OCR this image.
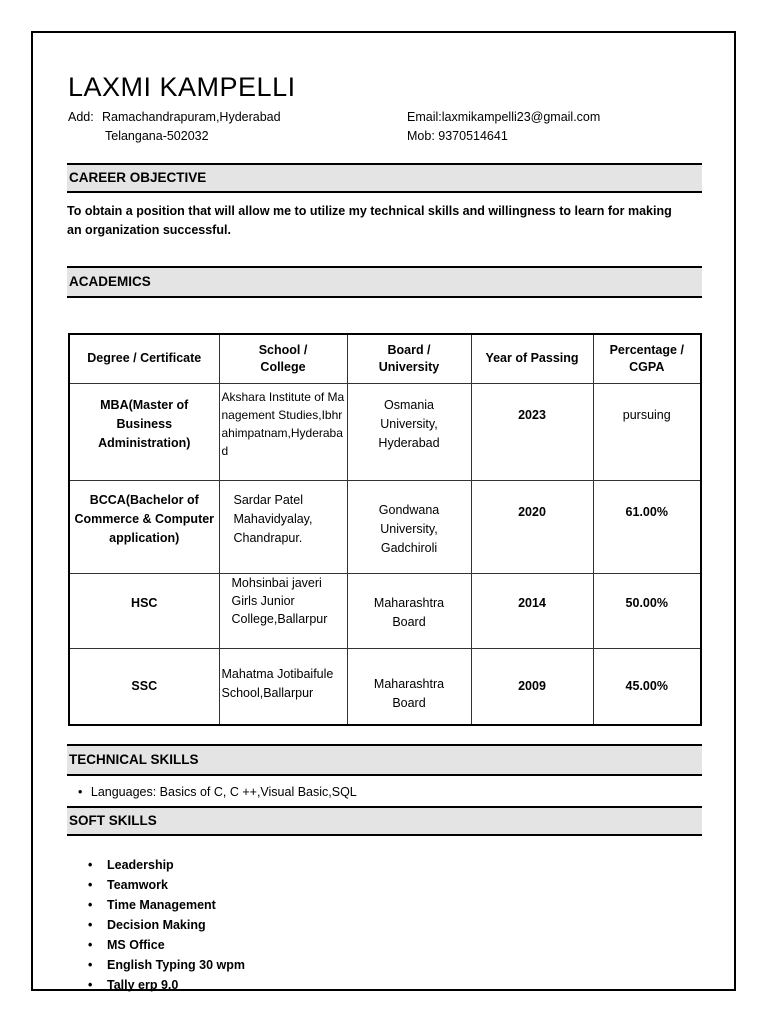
LAXMI KAMPELLI
Add: Ramachandrapuram,Hyderabad
Telangana-502032
Email:laxmikampelli23@gmail.com
Mob: 9370514641
CAREER OBJECTIVE
To obtain a position that will allow me to utilize my technical skills and willingness to learn for making an organization successful.
ACADEMICS
Degree / Certificate	School / College	Board / University	Year of Passing	Percentage / CGPA
MBA(Master of Business Administration)	Akshara Institute of Management Studies,Ibhrahimpatnam,Hyderabad	Osmania University, Hyderabad	2023	pursuing
BCCA(Bachelor of Commerce & Computer application)	Sardar Patel Mahavidyalay, Chandrapur.	Gondwana University, Gadchiroli	2020	61.00%
HSC	Mohsinbai javeri Girls Junior College,Ballarpur	Maharashtra Board	2014	50.00%
SSC	Mahatma Jotibaifule School,Ballarpur	Maharashtra Board	2009	45.00%
TECHNICAL SKILLS
• Languages: Basics of C, C ++,Visual Basic,SQL
SOFT SKILLS
• Leadership
• Teamwork
• Time Management
• Decision Making
• MS Office
• English Typing 30 wpm
• Tally erp 9.0
